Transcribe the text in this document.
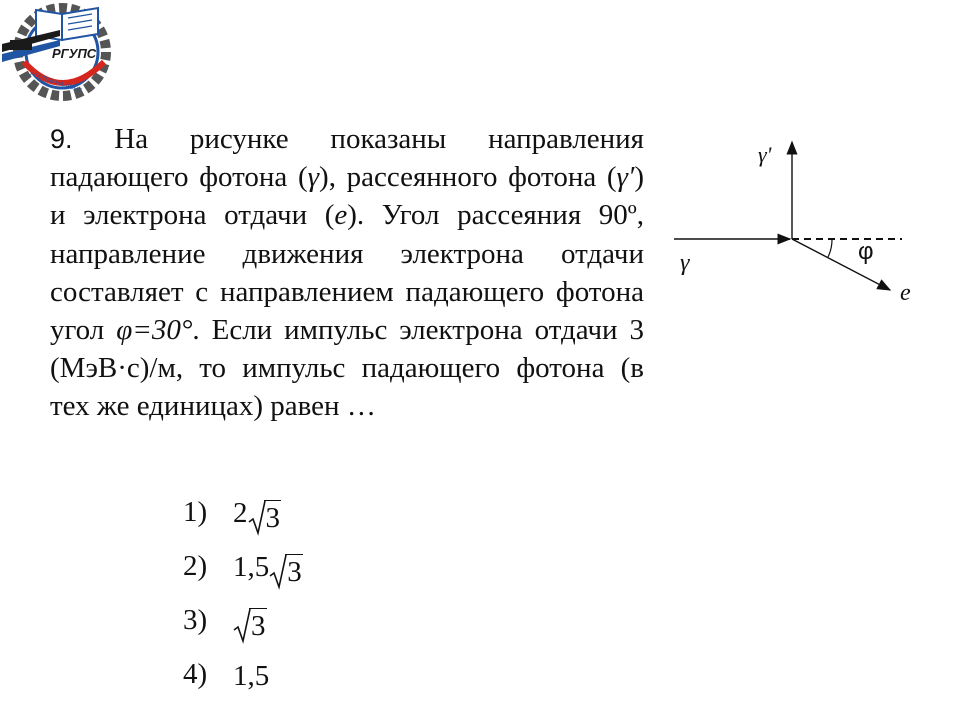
РГУПС
РОСТОВ-НА-ДОНУ
9. На рисунке показаны направления падающего фотона (γ), рассеянного фотона (γ′) и электрона отдачи (e). Угол рассеяния 90º, направление движения электрона отдачи составляет с направлением падающего фотона угол φ=30°. Если импульс электрона отдачи 3 (МэВ·с)/м, то импульс падающего фотона (в тех же единицах) равен …
γ
γ'
e
φ
1) 2 3
2) 1,5 3
3) 3
4) 1,5
